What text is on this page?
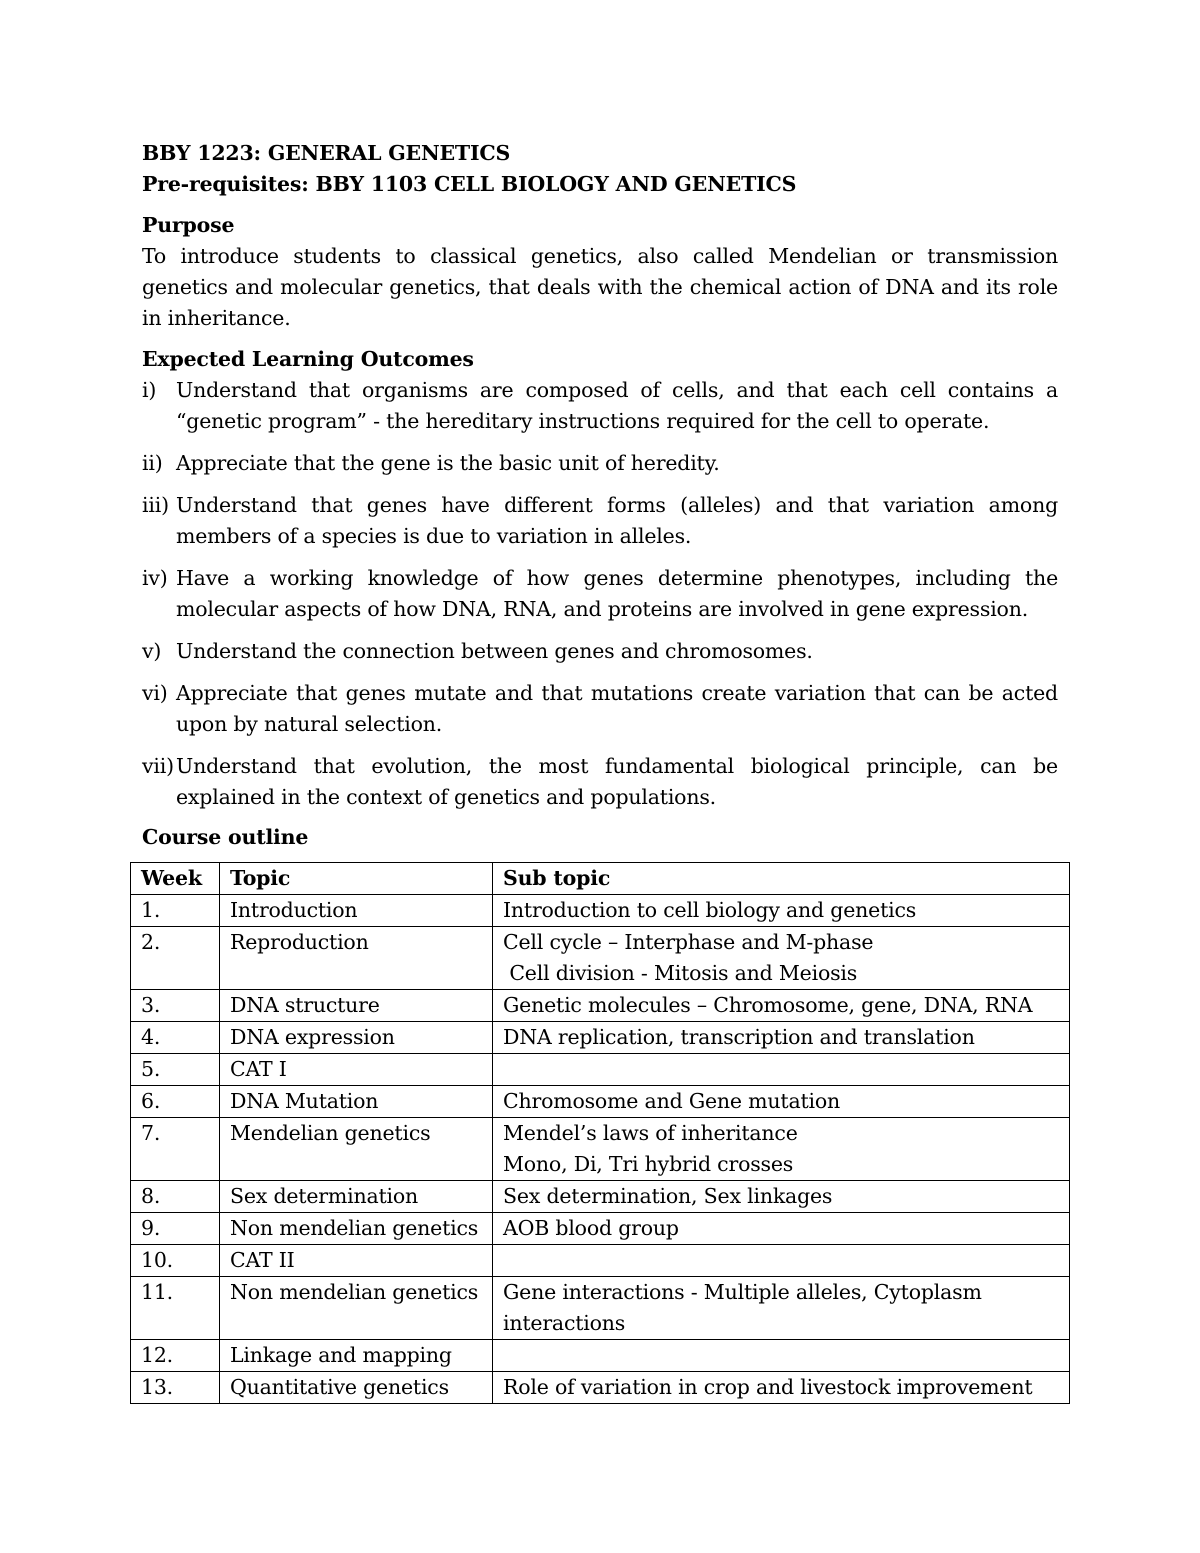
BBY 1223: GENERAL GENETICS
Pre-requisites: BBY 1103 CELL BIOLOGY AND GENETICS
Purpose
To introduce students to classical genetics, also called Mendelian or transmission genetics and molecular genetics, that deals with the chemical action of DNA and its role in inheritance.
Expected Learning Outcomes
i) Understand that organisms are composed of cells, and that each cell contains a “genetic program” - the hereditary instructions required for the cell to operate.
ii) Appreciate that the gene is the basic unit of heredity.
iii) Understand that genes have different forms (alleles) and that variation among members of a species is due to variation in alleles.
iv) Have a working knowledge of how genes determine phenotypes, including the molecular aspects of how DNA, RNA, and proteins are involved in gene expression.
v) Understand the connection between genes and chromosomes.
vi) Appreciate that genes mutate and that mutations create variation that can be acted upon by natural selection.
vii) Understand that evolution, the most fundamental biological principle, can be explained in the context of genetics and populations.
Course outline
Week	Topic	Sub topic
1.	Introduction	Introduction to cell biology and genetics

2.	Reproduction	Cell cycle – Interphase and M-phase
Cell division - Mitosis and Meiosis

3.	DNA structure	Genetic molecules – Chromosome, gene, DNA, RNA

4.	DNA expression	DNA replication, transcription and translation

5.	CAT I	

6.	DNA Mutation	Chromosome and Gene mutation

7.	Mendelian genetics	Mendel’s laws of inheritance
Mono, Di, Tri hybrid crosses

8.	Sex determination	Sex determination, Sex linkages

9.	Non mendelian genetics	AOB blood group

10.	CAT II	

11.	Non mendelian genetics	Gene interactions - Multiple alleles, Cytoplasm
interactions

12.	Linkage and mapping	

13.	Quantitative genetics	Role of variation in crop and livestock improvement
